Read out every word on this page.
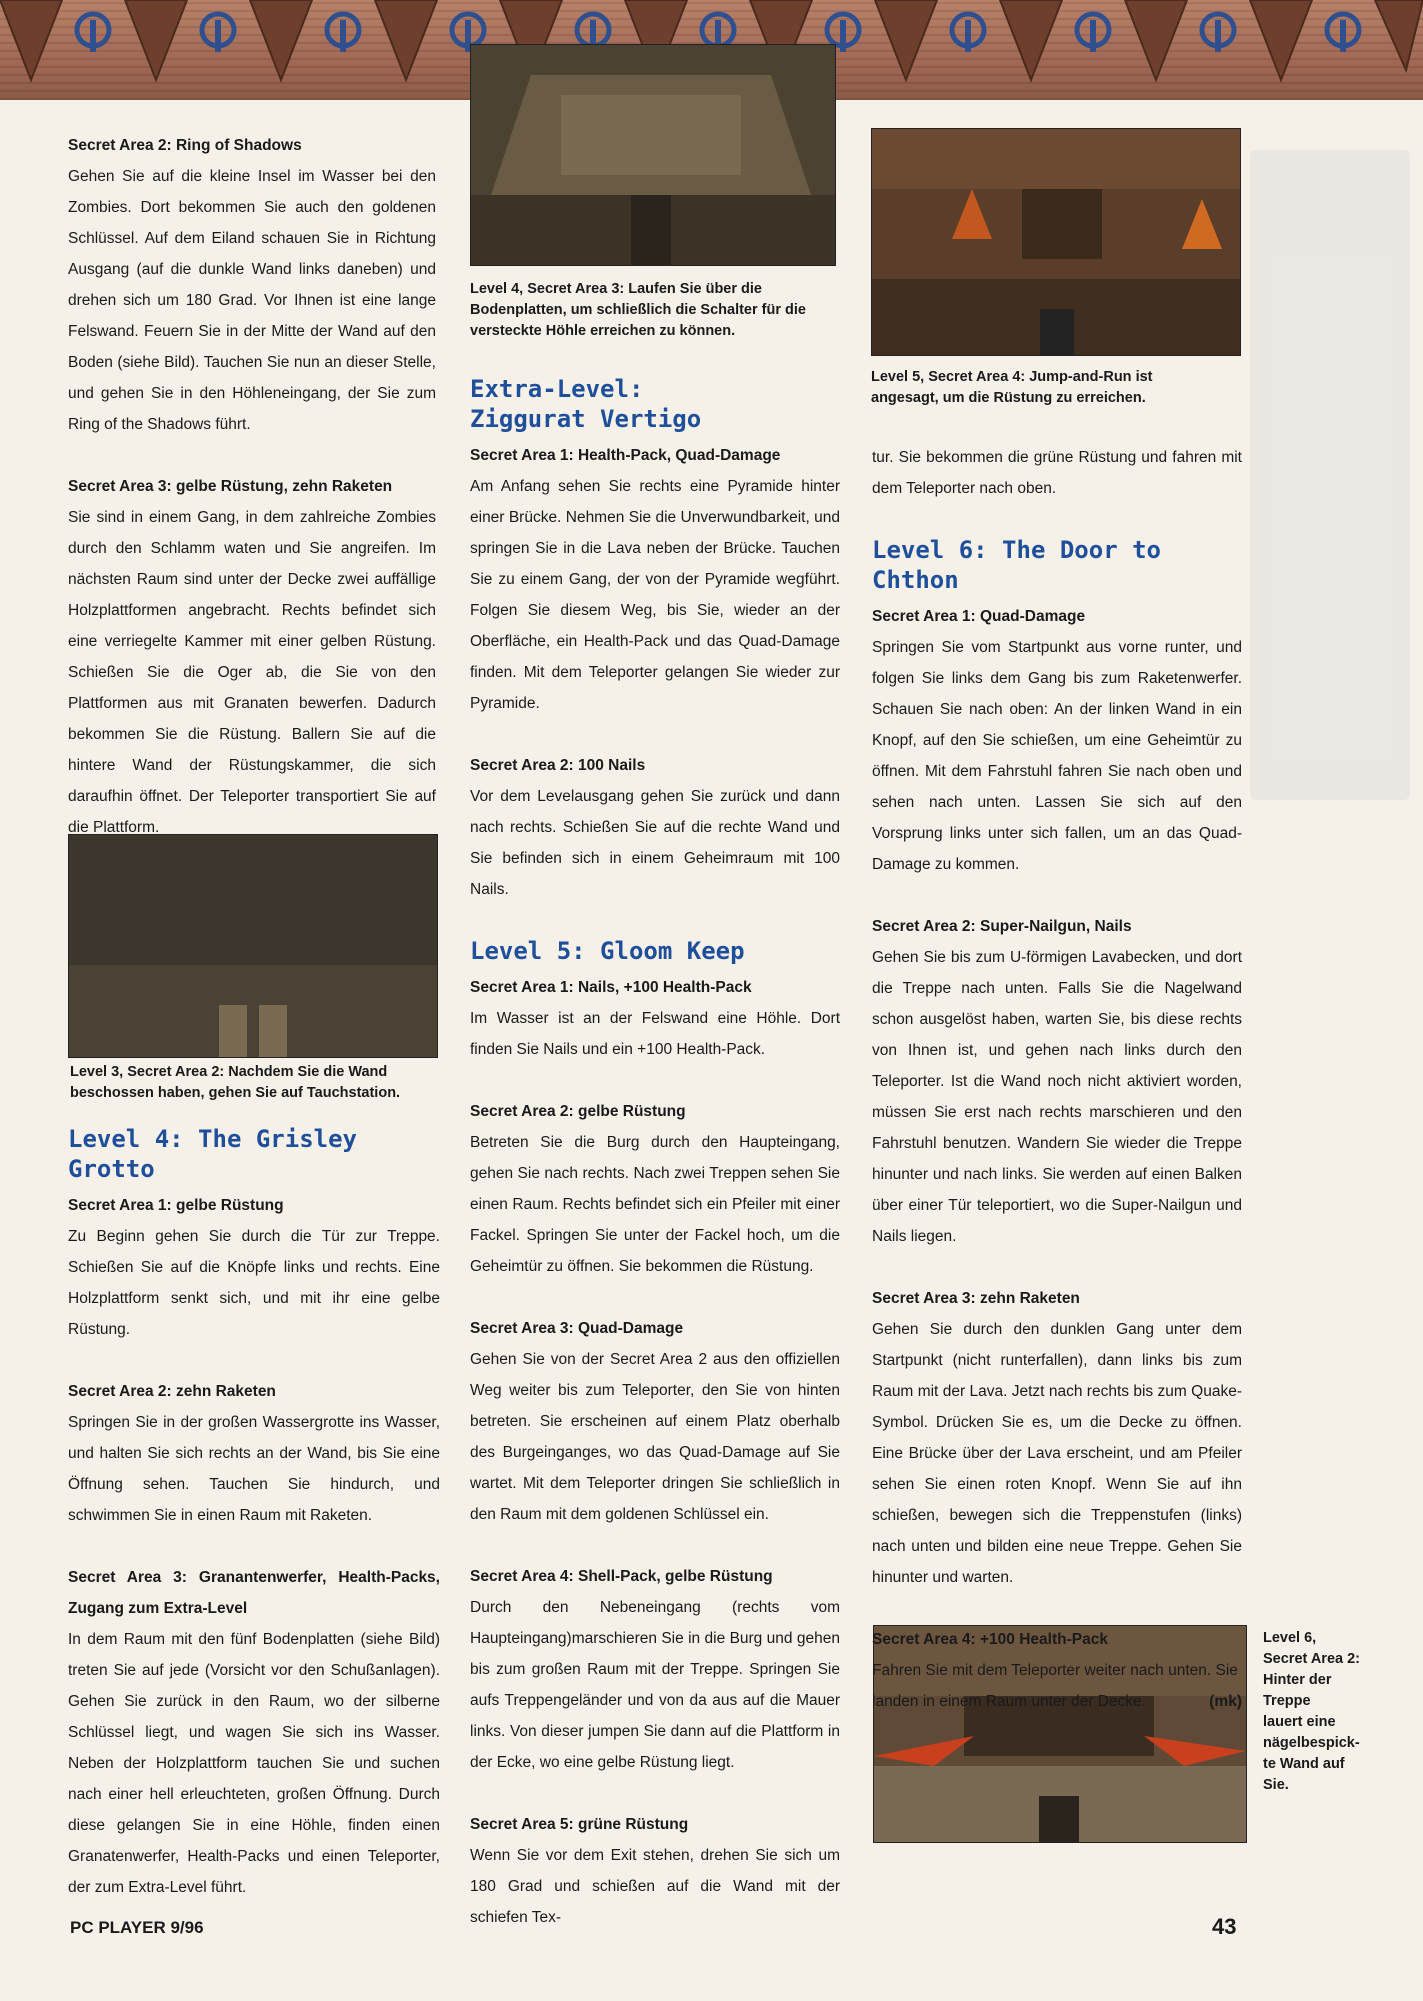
Level 4, Secret Area 3: Laufen Sie über die Bodenplatten, um schließlich die Schalter für die versteckte Höhle erreichen zu können.
Level 5, Secret Area 4: Jump-and-Run ist angesagt, um die Rüstung zu erreichen.
Level 3, Secret Area 2: Nachdem Sie die Wand beschossen haben, gehen Sie auf Tauchstation.
Level 6,
Secret Area 2:
Hinter der
Treppe
lauert eine
nägelbespick-
te Wand auf
Sie.

Secret Area 2: Ring of Shadows
Gehen Sie auf die kleine Insel im Wasser bei den Zombies. Dort bekommen Sie auch den goldenen Schlüssel. Auf dem Eiland schauen Sie in Richtung Ausgang (auf die dunkle Wand links daneben) und drehen sich um 180 Grad. Vor Ihnen ist eine lange Felswand. Feuern Sie in der Mitte der Wand auf den Boden (siehe Bild). Tauchen Sie nun an dieser Stelle, und gehen Sie in den Höhleneingang, der Sie zum Ring of the Shadows führt.

Secret Area 3: gelbe Rüstung, zehn Raketen
Sie sind in einem Gang, in dem zahlreiche Zombies durch den Schlamm waten und Sie angreifen. Im nächsten Raum sind unter der Decke zwei auffällige Holzplattformen angebracht. Rechts befindet sich eine verriegelte Kammer mit einer gelben Rüstung. Schießen Sie die Oger ab, die Sie von den Plattformen aus mit Granaten bewerfen. Dadurch bekommen Sie die Rüstung. Ballern Sie auf die hintere Wand der Rüstungskammer, die sich daraufhin öffnet. Der Teleporter transportiert Sie auf die Plattform.

Level 4: The Grisley Grotto

Secret Area 1: gelbe Rüstung
Zu Beginn gehen Sie durch die Tür zur Treppe. Schießen Sie auf die Knöpfe links und rechts. Eine Holzplattform senkt sich, und mit ihr eine gelbe Rüstung.

Secret Area 2: zehn Raketen
Springen Sie in der großen Wassergrotte ins Wasser, und halten Sie sich rechts an der Wand, bis Sie eine Öffnung sehen. Tauchen Sie hindurch, und schwimmen Sie in einen Raum mit Raketen.

Secret Area 3: Granantenwerfer, Health-Packs, Zugang zum Extra-Level
In dem Raum mit den fünf Bodenplatten (siehe Bild) treten Sie auf jede (Vorsicht vor den Schußanlagen). Gehen Sie zurück in den Raum, wo der silberne Schlüssel liegt, und wagen Sie sich ins Wasser. Neben der Holzplattform tauchen Sie und suchen nach einer hell erleuchteten, großen Öffnung. Durch diese gelangen Sie in eine Höhle, finden einen Granatenwerfer, Health-Packs und einen Teleporter, der zum Extra-Level führt.

Extra-Level: Ziggurat Vertigo

Secret Area 1: Health-Pack, Quad-Damage
Am Anfang sehen Sie rechts eine Pyramide hinter einer Brücke. Nehmen Sie die Unverwundbarkeit, und springen Sie in die Lava neben der Brücke. Tauchen Sie zu einem Gang, der von der Pyramide wegführt. Folgen Sie diesem Weg, bis Sie, wieder an der Oberfläche, ein Health-Pack und das Quad-Damage finden. Mit dem Teleporter gelangen Sie wieder zur Pyramide.

Secret Area 2: 100 Nails
Vor dem Levelausgang gehen Sie zurück und dann nach rechts. Schießen Sie auf die rechte Wand und Sie befinden sich in einem Geheimraum mit 100 Nails.

Level 5: Gloom Keep

Secret Area 1: Nails, +100 Health-Pack
Im Wasser ist an der Felswand eine Höhle. Dort finden Sie Nails und ein +100 Health-Pack.

Secret Area 2: gelbe Rüstung
Betreten Sie die Burg durch den Haupteingang, gehen Sie nach rechts. Nach zwei Treppen sehen Sie einen Raum. Rechts befindet sich ein Pfeiler mit einer Fackel. Springen Sie unter der Fackel hoch, um die Geheimtür zu öffnen. Sie bekommen die Rüstung.

Secret Area 3: Quad-Damage
Gehen Sie von der Secret Area 2 aus den offiziellen Weg weiter bis zum Teleporter, den Sie von hinten betreten. Sie erscheinen auf einem Platz oberhalb des Burgeinganges, wo das Quad-Damage auf Sie wartet. Mit dem Teleporter dringen Sie schließlich in den Raum mit dem goldenen Schlüssel ein.

Secret Area 4: Shell-Pack, gelbe Rüstung
Durch den Nebeneingang (rechts vom Haupteingang)marschieren Sie in die Burg und gehen bis zum großen Raum mit der Treppe. Springen Sie aufs Treppengeländer und von da aus auf die Mauer links. Von dieser jumpen Sie dann auf die Plattform in der Ecke, wo eine gelbe Rüstung liegt.

Secret Area 5: grüne Rüstung
Wenn Sie vor dem Exit stehen, drehen Sie sich um 180 Grad und schießen auf die Wand mit der schiefen Tex-

tur. Sie bekommen die grüne Rüstung und fahren mit dem Teleporter nach oben.

Level 6: The Door to Chthon

Secret Area 1: Quad-Damage
Springen Sie vom Startpunkt aus vorne runter, und folgen Sie links dem Gang bis zum Raketenwerfer. Schauen Sie nach oben: An der linken Wand in ein Knopf, auf den Sie schießen, um eine Geheimtür zu öffnen. Mit dem Fahrstuhl fahren Sie nach oben und sehen nach unten. Lassen Sie sich auf den Vorsprung links unter sich fallen, um an das Quad-Damage zu kommen.

Secret Area 2: Super-Nailgun, Nails
Gehen Sie bis zum U-förmigen Lavabecken, und dort die Treppe nach unten. Falls Sie die Nagelwand schon ausgelöst haben, warten Sie, bis diese rechts von Ihnen ist, und gehen nach links durch den Teleporter. Ist die Wand noch nicht aktiviert worden, müssen Sie erst nach rechts marschieren und den Fahrstuhl benutzen. Wandern Sie wieder die Treppe hinunter und nach links. Sie werden auf einen Balken über einer Tür teleportiert, wo die Super-Nailgun und Nails liegen.

Secret Area 3: zehn Raketen
Gehen Sie durch den dunklen Gang unter dem Startpunkt (nicht runterfallen), dann links bis zum Raum mit der Lava. Jetzt nach rechts bis zum Quake-Symbol. Drücken Sie es, um die Decke zu öffnen. Eine Brücke über der Lava erscheint, und am Pfeiler sehen Sie einen roten Knopf. Wenn Sie auf ihn schießen, bewegen sich die Treppenstufen (links) nach unten und bilden eine neue Treppe. Gehen Sie hinunter und warten.

Secret Area 4: +100 Health-Pack
Fahren Sie mit dem Teleporter weiter nach unten. Sie landen in einem Raum unter der Decke.	(mk)

PC PLAYER 9/96	43
